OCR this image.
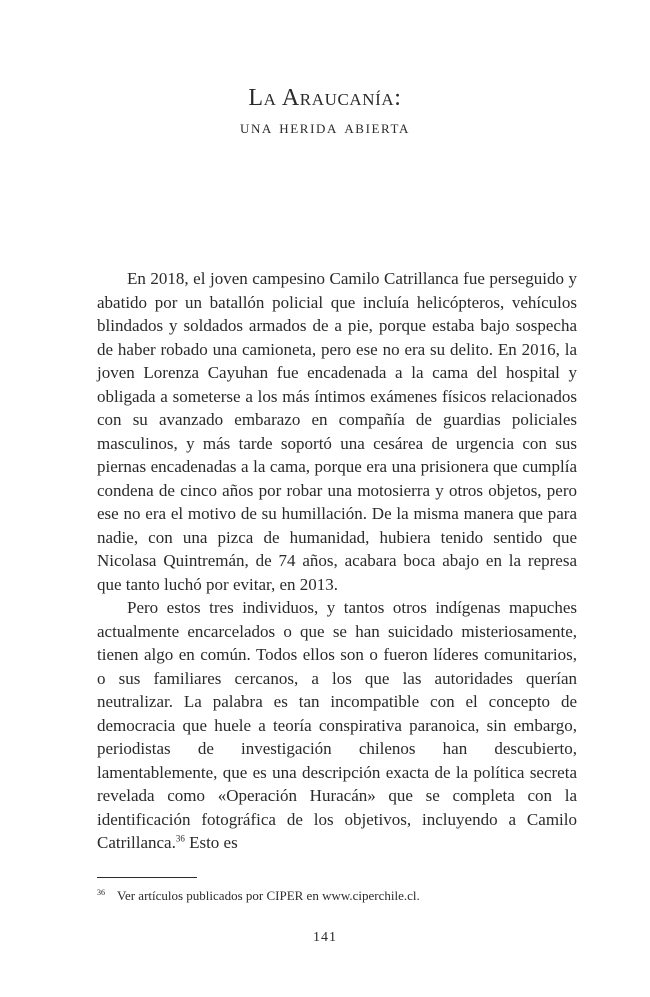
La Araucanía:
una herida abierta

En 2018, el joven campesino Camilo Catrillanca fue perseguido y abatido por un batallón policial que incluía helicópteros, vehículos blindados y soldados armados de a pie, porque estaba bajo sospecha de haber robado una camioneta, pero ese no era su delito. En 2016, la joven Lorenza Cayuhan fue encadenada a la cama del hospital y obligada a someterse a los más íntimos exámenes físicos relacionados con su avanzado embarazo en compañía de guardias policiales masculinos, y más tarde soportó una cesárea de urgencia con sus piernas encadenadas a la cama, porque era una prisionera que cumplía condena de cinco años por robar una motosierra y otros objetos, pero ese no era el motivo de su humillación. De la misma manera que para nadie, con una pizca de humanidad, hubiera tenido sentido que Nicolasa Quintremán, de 74 años, acabara boca abajo en la represa que tanto luchó por evitar, en 2013.

Pero estos tres individuos, y tantos otros indígenas mapuches actualmente encarcelados o que se han suicidado misteriosamente, tienen algo en común. Todos ellos son o fueron líderes comunitarios, o sus familiares cercanos, a los que las autoridades querían neutralizar. La palabra es tan incompatible con el concepto de democracia que huele a teoría conspirativa paranoica, sin embargo, periodistas de investigación chilenos han descubierto, lamentablemente, que es una descripción exacta de la política secreta revelada como «Operación Huracán» que se completa con la identificación fotográfica de los objetivos, incluyendo a Camilo Catrillanca.$^{36}$ Esto es

$^{36}$ Ver artículos publicados por CIPER en www.ciperchile.cl.
141
